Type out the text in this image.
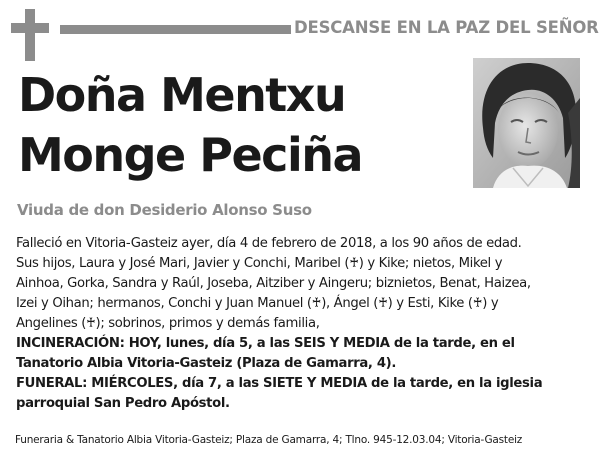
DESCANSE EN LA PAZ DEL SEÑOR
Doña Mentxu
Monge Peciña
Viuda de don Desiderio Alonso Suso
Falleció en Vitoria-Gasteiz ayer, día 4 de febrero de 2018, a los 90 años de edad.
Sus hijos, Laura y José Mari, Javier y Conchi, Maribel (♰) y Kike; nietos, Mikel y
Ainhoa, Gorka, Sandra y Raúl, Joseba, Aitziber y Aingeru; biznietos, Benat, Haizea,
Izei y Oihan; hermanos, Conchi y Juan Manuel (♰), Ángel (♰) y Esti, Kike (♰) y
Angelines (♰); sobrinos, primos y demás familia,
INCINERACIÓN: HOY, lunes, día 5, a las SEIS Y MEDIA de la tarde, en el
Tanatorio Albia Vitoria-Gasteiz (Plaza de Gamarra, 4).
FUNERAL: MIÉRCOLES, día 7, a las SIETE Y MEDIA de la tarde, en la iglesia
parroquial San Pedro Apóstol.
Funeraria & Tanatorio Albia Vitoria-Gasteiz; Plaza de Gamarra, 4; Tlno. 945-12.03.04; Vitoria-Gasteiz
